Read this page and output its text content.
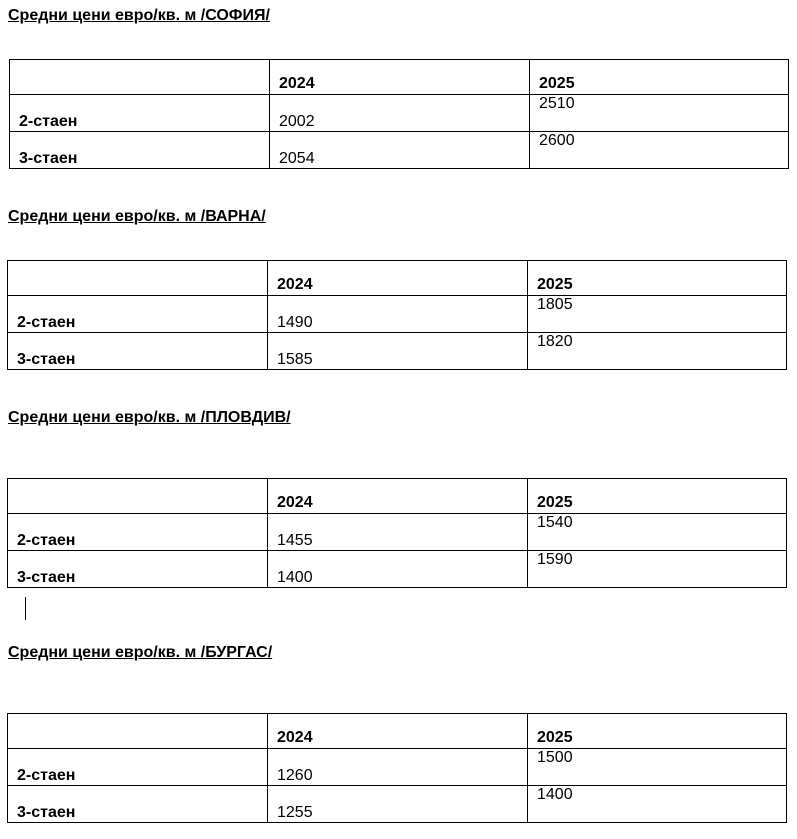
Средни цени евро/кв. м /СОФИЯ/
	2024	2025
2-стаен	2002	2510
3-стаен	2054	2600
Средни цени евро/кв. м /ВАРНА/
	2024	2025
2-стаен	1490	1805
3-стаен	1585	1820
Средни цени евро/кв. м /ПЛОВДИВ/
	2024	2025
2-стаен	1455	1540
3-стаен	1400	1590
Средни цени евро/кв. м /БУРГАС/
	2024	2025
2-стаен	1260	1500
3-стаен	1255	1400
